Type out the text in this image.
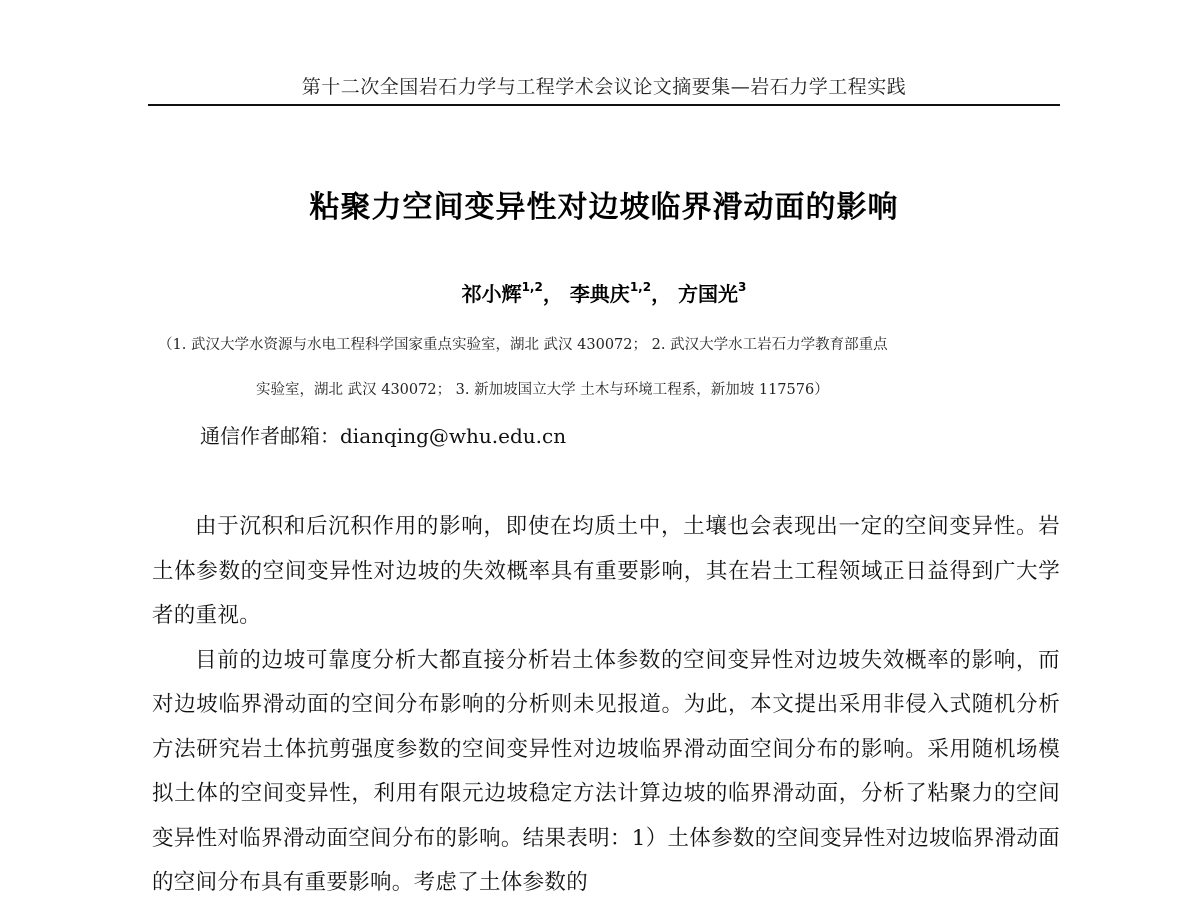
第十二次全国岩石力学与工程学术会议论文摘要集—岩石力学工程实践
粘聚力空间变异性对边坡临界滑动面的影响
祁小辉$^{1,2}$， 李典庆$^{1,2}$， 方国光$^3$
（1. 武汉大学水资源与水电工程科学国家重点实验室，湖北 武汉 430072； 2. 武汉大学水工岩石力学教育部重点
实验室，湖北 武汉 430072； 3. 新加坡国立大学 土木与环境工程系，新加坡 117576）
通信作者邮箱：dianqing@whu.edu.cn

由于沉积和后沉积作用的影响，即使在均质土中，土壤也会表现出一定的空间变异性。岩土体参数的空间变异性对边坡的失效概率具有重要影响，其在岩土工程领域正日益得到广大学者的重视。

目前的边坡可靠度分析大都直接分析岩土体参数的空间变异性对边坡失效概率的影响，而对边坡临界滑动面的空间分布影响的分析则未见报道。为此，本文提出采用非侵入式随机分析方法研究岩土体抗剪强度参数的空间变异性对边坡临界滑动面空间分布的影响。采用随机场模拟土体的空间变异性，利用有限元边坡稳定方法计算边坡的临界滑动面，分析了粘聚力的空间变异性对临界滑动面空间分布的影响。结果表明：1）土体参数的空间变异性对边坡临界滑动面的空间分布具有重要影响。考虑了土体参数的
